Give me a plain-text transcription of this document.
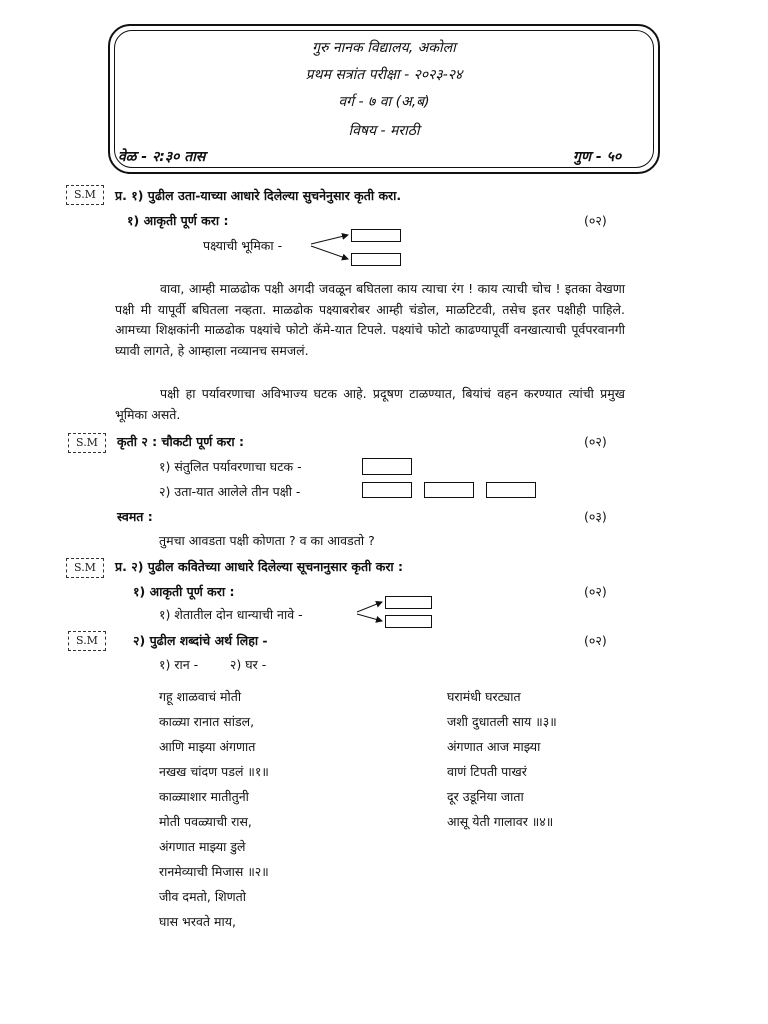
गुरु नानक विद्यालय, अकोला
प्रथम सत्रांत परीक्षा - २०२३-२४
वर्ग - ७ वा (अ,ब)
विषय - मराठी
वेळ - २:३० तास	गुण - ५०
S.M	प्र. १) पुढील उता-याच्या आधारे दिलेल्या सुचनेनुसार कृती करा.
१) आकृती पूर्ण करा :	(०२)
पक्ष्याची भूमिका -
वावा, आम्ही माळढोक पक्षी अगदी जवळून बघितला काय त्याचा रंग ! काय त्याची चोच ! इतका वेखणा पक्षी मी यापूर्वी बघितला नव्हता. माळढोक पक्ष्याबरोबर आम्ही चंडोल, माळटिटवी, तसेच इतर पक्षीही पाहिले. आमच्या शिक्षकांनी माळढोक पक्ष्यांचे फोटो कॅमे-यात टिपले. पक्ष्यांचे फोटो काढण्यापूर्वी वनखात्याची पूर्वपरवानगी घ्यावी लागते, हे आम्हाला नव्यानच समजलं.
पक्षी हा पर्यावरणाचा अविभाज्य घटक आहे. प्रदूषण टाळण्यात, बियांचं वहन करण्यात त्यांची प्रमुख भूमिका असते.
S.M	कृती २ : चौकटी पूर्ण करा :	(०२)
१) संतुलित पर्यावरणाचा घटक -
२) उता-यात आलेले तीन पक्षी -
स्वमत :	(०३)
तुमचा आवडता पक्षी कोणता ? व का आवडतो ?
S.M	प्र. २) पुढील कवितेच्या आधारे दिलेल्या सूचनानुसार कृती करा :
१) आकृती पूर्ण करा :	(०२)
१) शेतातील दोन धान्याची नावे -
S.M	२) पुढील शब्दांचे अर्थ लिहा -	(०२)
१) रान -        २) घर -
गहू शाळवाचं मोती
काळ्या रानात सांडल,
आणि माझ्या अंगणात
नखख चांदण पडलं ॥१॥
काळ्याशार मातीतुनी
मोती पवळ्याची रास,
अंगणात माझ्या डुले
रानमेव्याची मिजास ॥२॥
जीव दमतो, शिणतो
घास भरवते माय,
घरामंधी घरट्यात
जशी दुधातली साय ॥३॥
अंगणात आज माझ्या
वाणं टिपती पाखरं
दूर उडूनिया जाता
आसू येती गालावर ॥४॥
